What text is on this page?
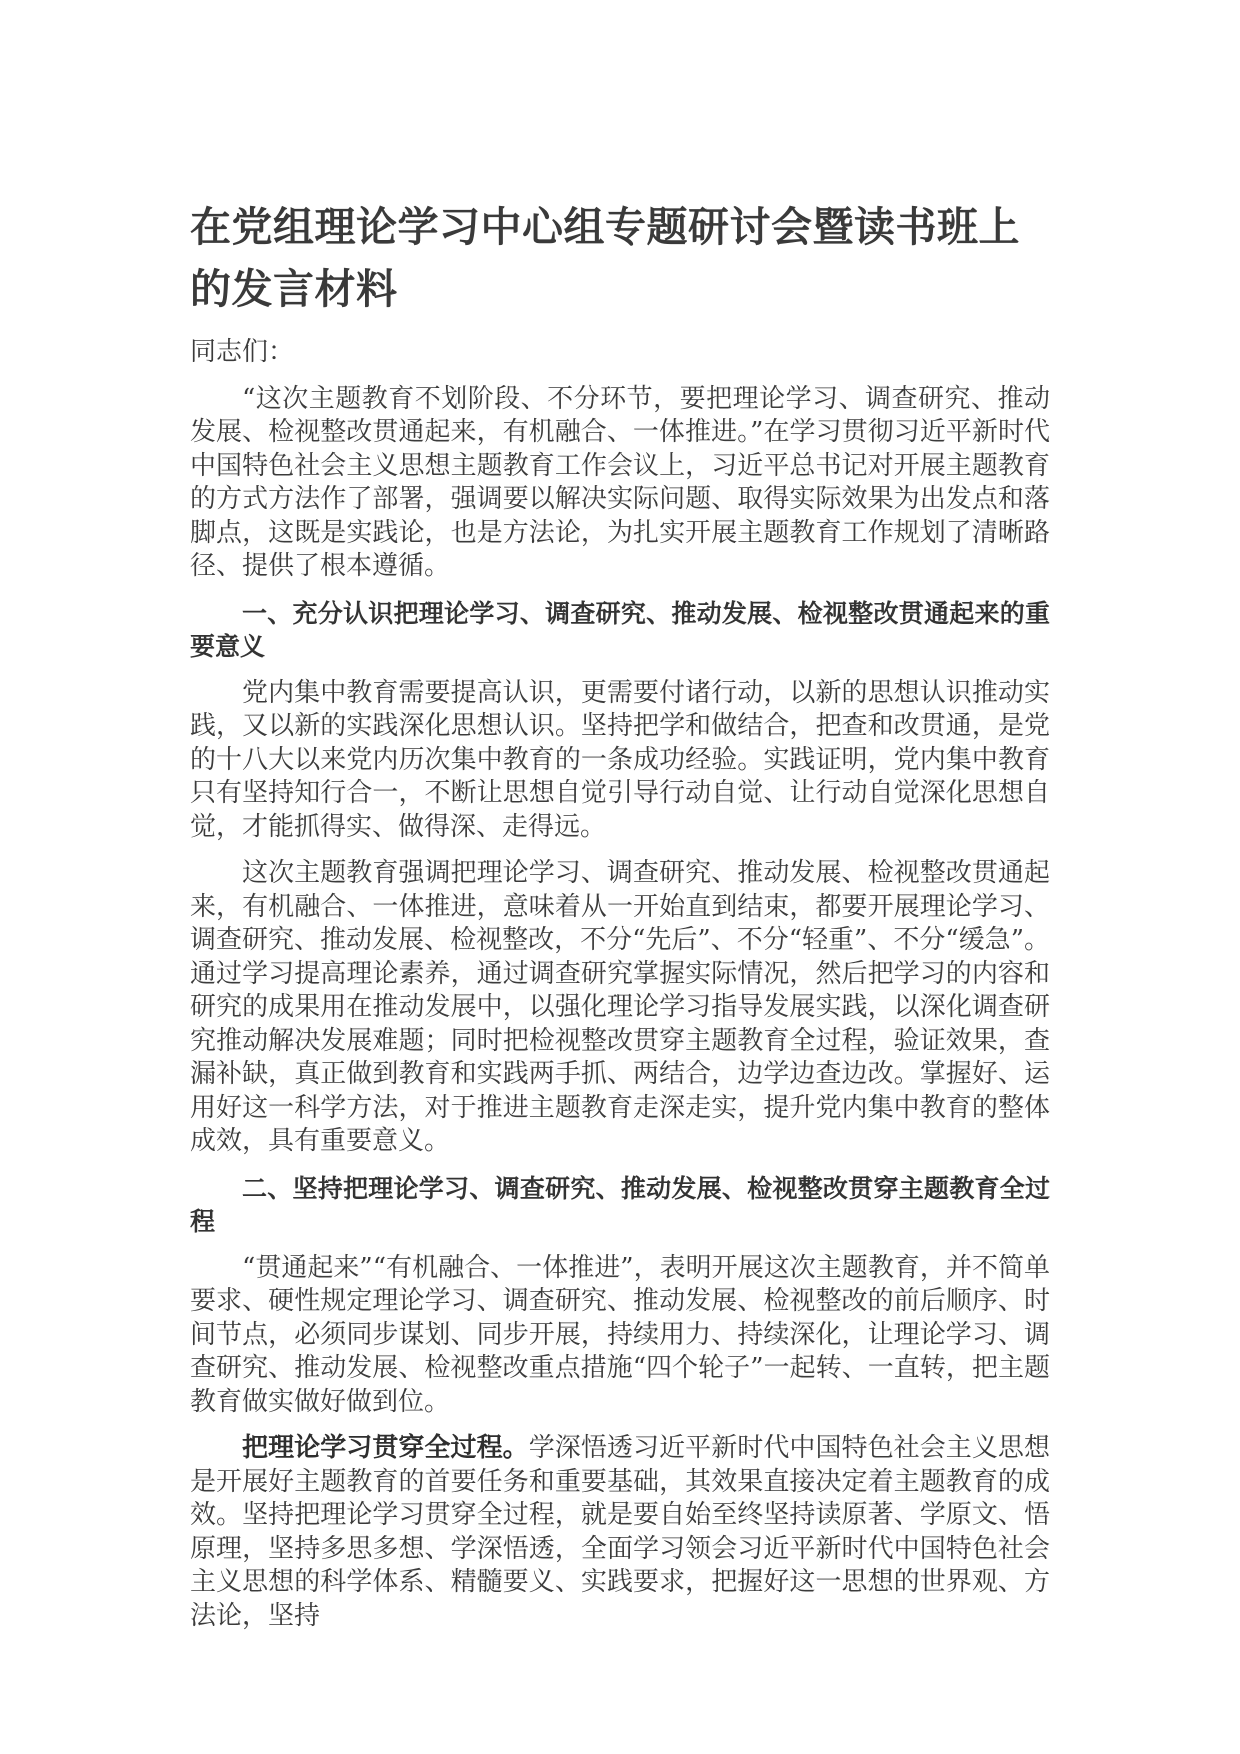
在党组理论学习中心组专题研讨会暨读书班上的发言材料

同志们：

“这次主题教育不划阶段、不分环节，要把理论学习、调查研究、推动发展、检视整改贯通起来，有机融合、一体推进。”在学习贯彻习近平新时代中国特色社会主义思想主题教育工作会议上，习近平总书记对开展主题教育的方式方法作了部署，强调要以解决实际问题、取得实际效果为出发点和落脚点，这既是实践论，也是方法论，为扎实开展主题教育工作规划了清晰路径、提供了根本遵循。

一、充分认识把理论学习、调查研究、推动发展、检视整改贯通起来的重要意义

党内集中教育需要提高认识，更需要付诸行动，以新的思想认识推动实践，又以新的实践深化思想认识。坚持把学和做结合，把查和改贯通，是党的十八大以来党内历次集中教育的一条成功经验。实践证明，党内集中教育只有坚持知行合一，不断让思想自觉引导行动自觉、让行动自觉深化思想自觉，才能抓得实、做得深、走得远。

这次主题教育强调把理论学习、调查研究、推动发展、检视整改贯通起来，有机融合、一体推进，意味着从一开始直到结束，都要开展理论学习、调查研究、推动发展、检视整改，不分“先后”、不分“轻重”、不分“缓急”。通过学习提高理论素养，通过调查研究掌握实际情况，然后把学习的内容和研究的成果用在推动发展中，以强化理论学习指导发展实践，以深化调查研究推动解决发展难题；同时把检视整改贯穿主题教育全过程，验证效果，查漏补缺，真正做到教育和实践两手抓、两结合，边学边查边改。掌握好、运用好这一科学方法，对于推进主题教育走深走实，提升党内集中教育的整体成效，具有重要意义。

二、坚持把理论学习、调查研究、推动发展、检视整改贯穿主题教育全过程

“贯通起来”“有机融合、一体推进”，表明开展这次主题教育，并不简单要求、硬性规定理论学习、调查研究、推动发展、检视整改的前后顺序、时间节点，必须同步谋划、同步开展，持续用力、持续深化，让理论学习、调查研究、推动发展、检视整改重点措施“四个轮子”一起转、一直转，把主题教育做实做好做到位。

把理论学习贯穿全过程。学深悟透习近平新时代中国特色社会主义思想是开展好主题教育的首要任务和重要基础，其效果直接决定着主题教育的成效。坚持把理论学习贯穿全过程，就是要自始至终坚持读原著、学原文、悟原理，坚持多思多想、学深悟透，全面学习领会习近平新时代中国特色社会主义思想的科学体系、精髓要义、实践要求，把握好这一思想的世界观、方法论，坚持
